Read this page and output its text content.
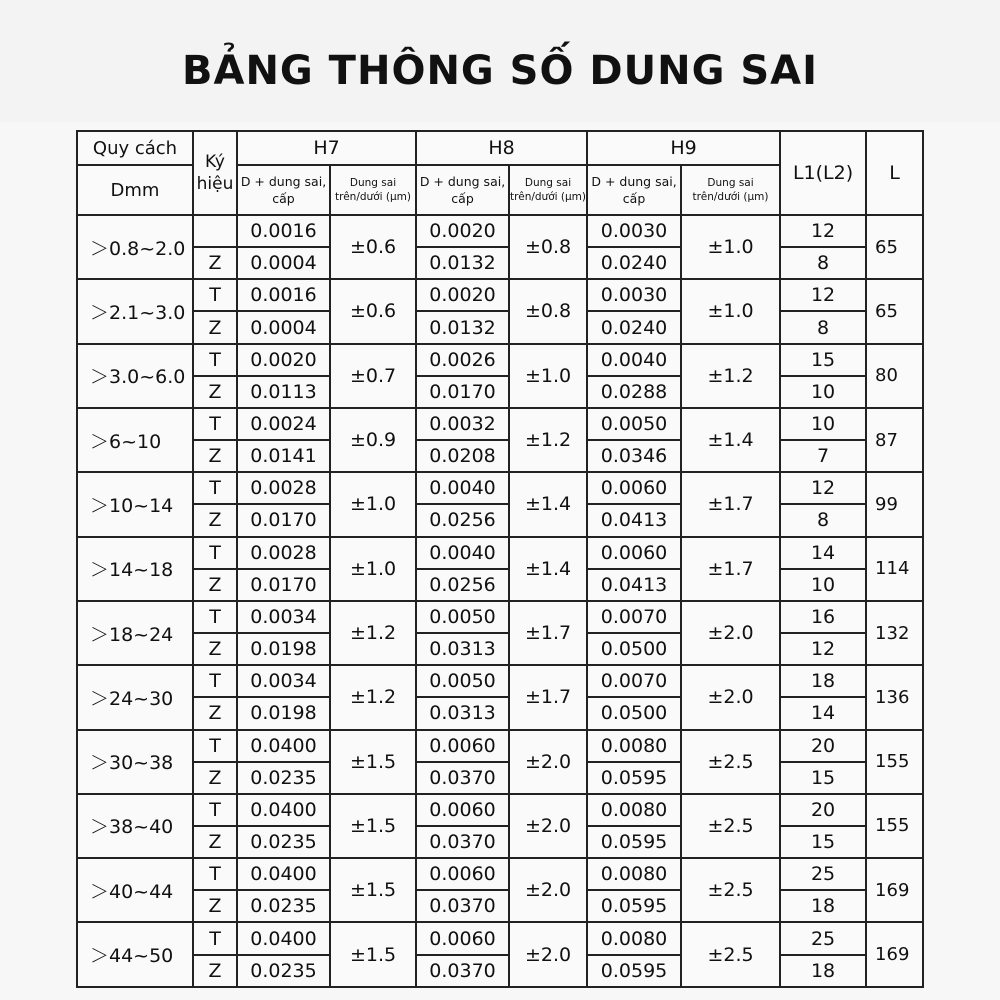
BẢNG THÔNG SỐ DUNG SAI
Quy cách	Ký hiệu	H7		H8		H9		L1(L2)	L
Dmm		D + dung sai, cấp	Dung sai trên/dưới (μm)	D + dung sai, cấp	Dung sai trên/dưới (μm)	D + dung sai, cấp	Dung sai trên/dưới (μm)		
＞0.8~2.0		0.0016	±0.6	0.0020	±0.8	0.0030	±1.0	12	65
	Z	0.0004		0.0132		0.0240		8	
＞2.1~3.0	T	0.0016	±0.6	0.0020	±0.8	0.0030	±1.0	12	65
	Z	0.0004		0.0132		0.0240		8	
＞3.0~6.0	T	0.0020	±0.7	0.0026	±1.0	0.0040	±1.2	15	80
	Z	0.0113		0.0170		0.0288		10	
＞6~10	T	0.0024	±0.9	0.0032	±1.2	0.0050	±1.4	10	87
	Z	0.0141		0.0208		0.0346		7	
＞10~14	T	0.0028	±1.0	0.0040	±1.4	0.0060	±1.7	12	99
	Z	0.0170		0.0256		0.0413		8	
＞14~18	T	0.0028	±1.0	0.0040	±1.4	0.0060	±1.7	14	114
	Z	0.0170		0.0256		0.0413		10	
＞18~24	T	0.0034	±1.2	0.0050	±1.7	0.0070	±2.0	16	132
	Z	0.0198		0.0313		0.0500		12	
＞24~30	T	0.0034	±1.2	0.0050	±1.7	0.0070	±2.0	18	136
	Z	0.0198		0.0313		0.0500		14	
＞30~38	T	0.0400	±1.5	0.0060	±2.0	0.0080	±2.5	20	155
	Z	0.0235		0.0370		0.0595		15	
＞38~40	T	0.0400	±1.5	0.0060	±2.0	0.0080	±2.5	20	155
	Z	0.0235		0.0370		0.0595		15	
＞40~44	T	0.0400	±1.5	0.0060	±2.0	0.0080	±2.5	25	169
	Z	0.0235		0.0370		0.0595		18	
＞44~50	T	0.0400	±1.5	0.0060	±2.0	0.0080	±2.5	25	169
	Z	0.0235		0.0370		0.0595		18	
